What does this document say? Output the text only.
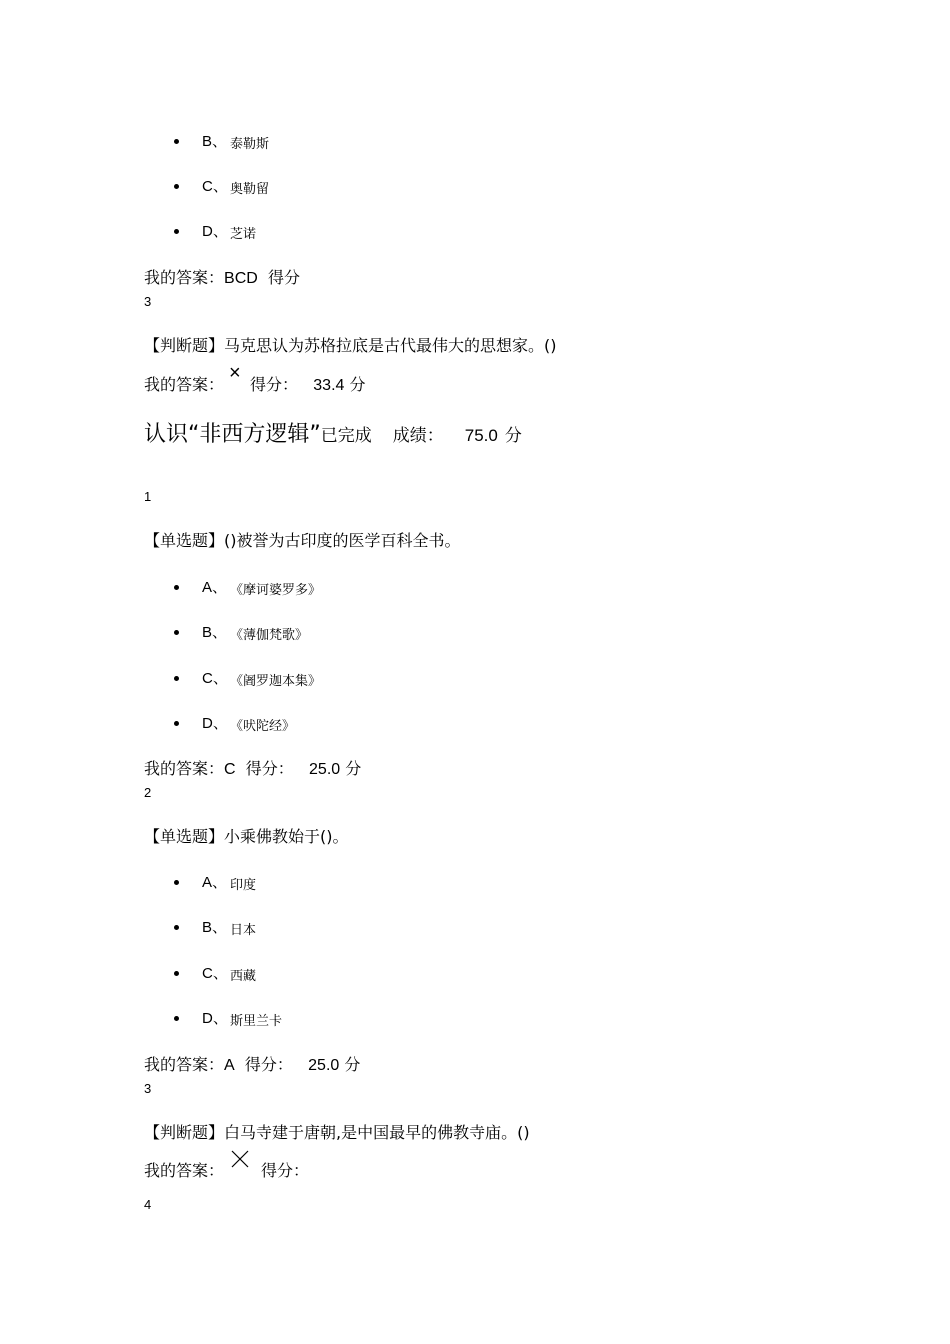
B、 泰勒斯
C、 奥勒留
D、 芝诺
我的答案：BCD 得分
3
【判断题】马克思认为苏格拉底是古代最伟大的思想家。()
我的答案：
×
得分： 33.4 分
认识“非西方逻辑”已完成 成绩： 75.0 分
1
【单选题】()被誉为古印度的医学百科全书。
A、 《摩诃婆罗多》
B、 《薄伽梵歌》
C、 《阇罗迦本集》
D、 《吠陀经》
我的答案：C 得分： 25.0 分
2
【单选题】小乘佛教始于()。
A、 印度
B、 日本
C、 西藏
D、 斯里兰卡
我的答案：A 得分： 25.0 分
3
【判断题】白马寺建于唐朝,是中国最早的佛教寺庙。()
我的答案： 得分：
4
